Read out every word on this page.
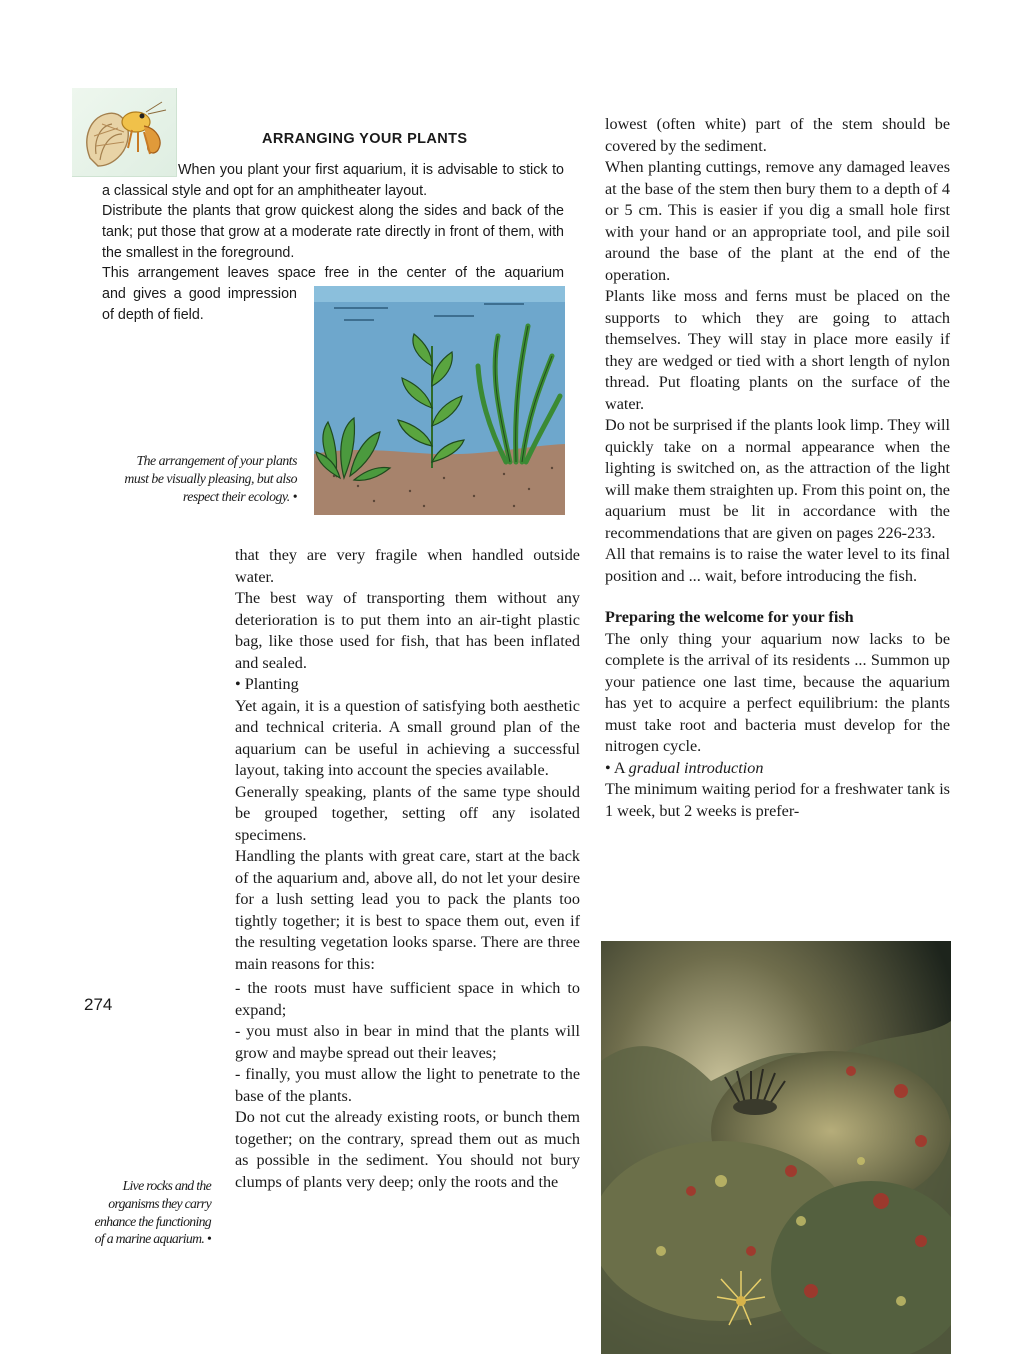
ARRANGING YOUR PLANTS

When you plant your first aquarium, it is advisable to stick to a classical style and opt for an amphitheater layout.

Distribute the plants that grow quickest along the sides and back of the tank; put those that grow at a moderate rate directly in front of them, with the smallest in the foreground.

This arrangement leaves space free in the center of the aquarium

and gives a good impression of depth of field.

The arrangement of your plants must be visually pleasing, but also respect their ecology. •

that they are very fragile when handled outside water.

The best way of transporting them without any deterioration is to put them into an air-tight plastic bag, like those used for fish, that has been inflated and sealed.

• Planting

Yet again, it is a question of satisfying both aesthetic and technical criteria. A small ground plan of the aquarium can be useful in achieving a successful layout, taking into account the species available.

Generally speaking, plants of the same type should be grouped together, setting off any isolated specimens.

Handling the plants with great care, start at the back of the aquarium and, above all, do not let your desire for a lush setting lead you to pack the plants too tightly together; it is best to space them out, even if the resulting vegetation looks sparse. There are three main reasons for this:

- the roots must have sufficient space in which to expand;

- you must also in bear in mind that the plants will grow and maybe spread out their leaves;

- finally, you must allow the light to penetrate to the base of the plants.

Do not cut the already existing roots, or bunch them together; on the contrary, spread them out as much as possible in the sediment. You should not bury clumps of plants very deep; only the roots and the

Live rocks and the organisms they carry enhance the functioning of a marine aquarium. •

lowest (often white) part of the stem should be covered by the sediment.

When planting cuttings, remove any damaged leaves at the base of the stem then bury them to a depth of 4 or 5 cm. This is easier if you dig a small hole first with your hand or an appropriate tool, and pile soil around the base of the plant at the end of the operation.

Plants like moss and ferns must be placed on the supports to which they are going to attach themselves. They will stay in place more easily if they are wedged or tied with a short length of nylon thread. Put floating plants on the surface of the water.

Do not be surprised if the plants look limp. They will quickly take on a normal appearance when the lighting is switched on, as the attraction of the light will make them straighten up. From this point on, the aquarium must be lit in accordance with the recommendations that are given on pages 226-233.

All that remains is to raise the water level to its final position and ... wait, before introducing the fish.

Preparing the welcome for your fish

The only thing your aquarium now lacks to be complete is the arrival of its residents ... Summon up your patience one last time, because the aquarium has yet to acquire a perfect equilibrium: the plants must take root and bacteria must develop for the nitrogen cycle.

• A gradual introduction

The minimum waiting period for a freshwater tank is 1 week, but 2 weeks is prefer-

274
